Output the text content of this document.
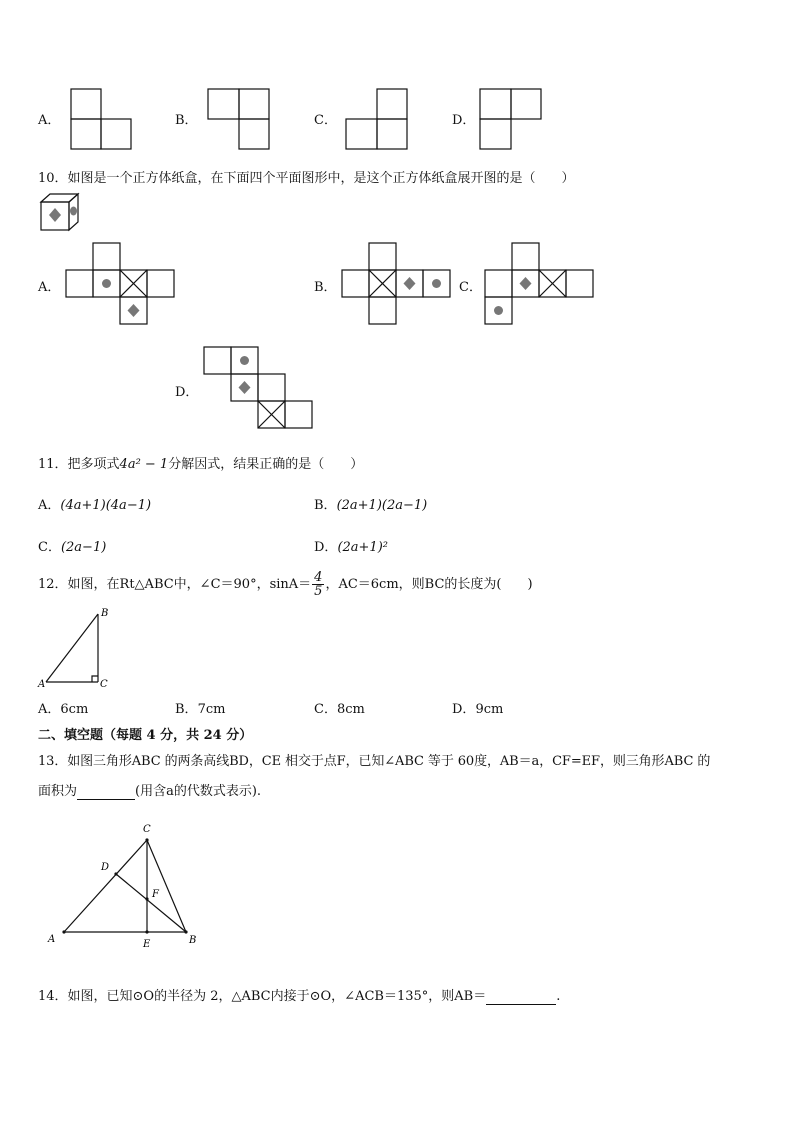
A．	B．	C．	D．
10．如图是一个正方体纸盒，在下面四个平面图形中，是这个正方体纸盒展开图的是（　　）
A．	B．	C．
D．
11．把多项式4a² − 1分解因式，结果正确的是（　　）
A．(4a+1)(4a−1)	B．(2a+1)(2a−1)
C．(2a−1)	D．(2a+1)²
12．如图，在Rt△ABC中，∠C＝90°，$\sin A= \frac{4}{5}$ ，AC＝6cm，则BC的长度为(　　)
B
A	C
A．6cm	B．7cm	C．8cm	D．9cm
二、填空题（每题 4 分，共 24 分）
13．如图三角形ABC 的两条高线BD，CE 相交于点F，已知∠ABC 等于 60度，AB＝a，CF=EF，则三角形ABC 的
面积为	(用含a的代数式表示).
C
D
F
A	E	B
14．如图，已知⊙O的半径为 2，△ABC内接于⊙O，∠ACB＝135°，则AB＝	.
